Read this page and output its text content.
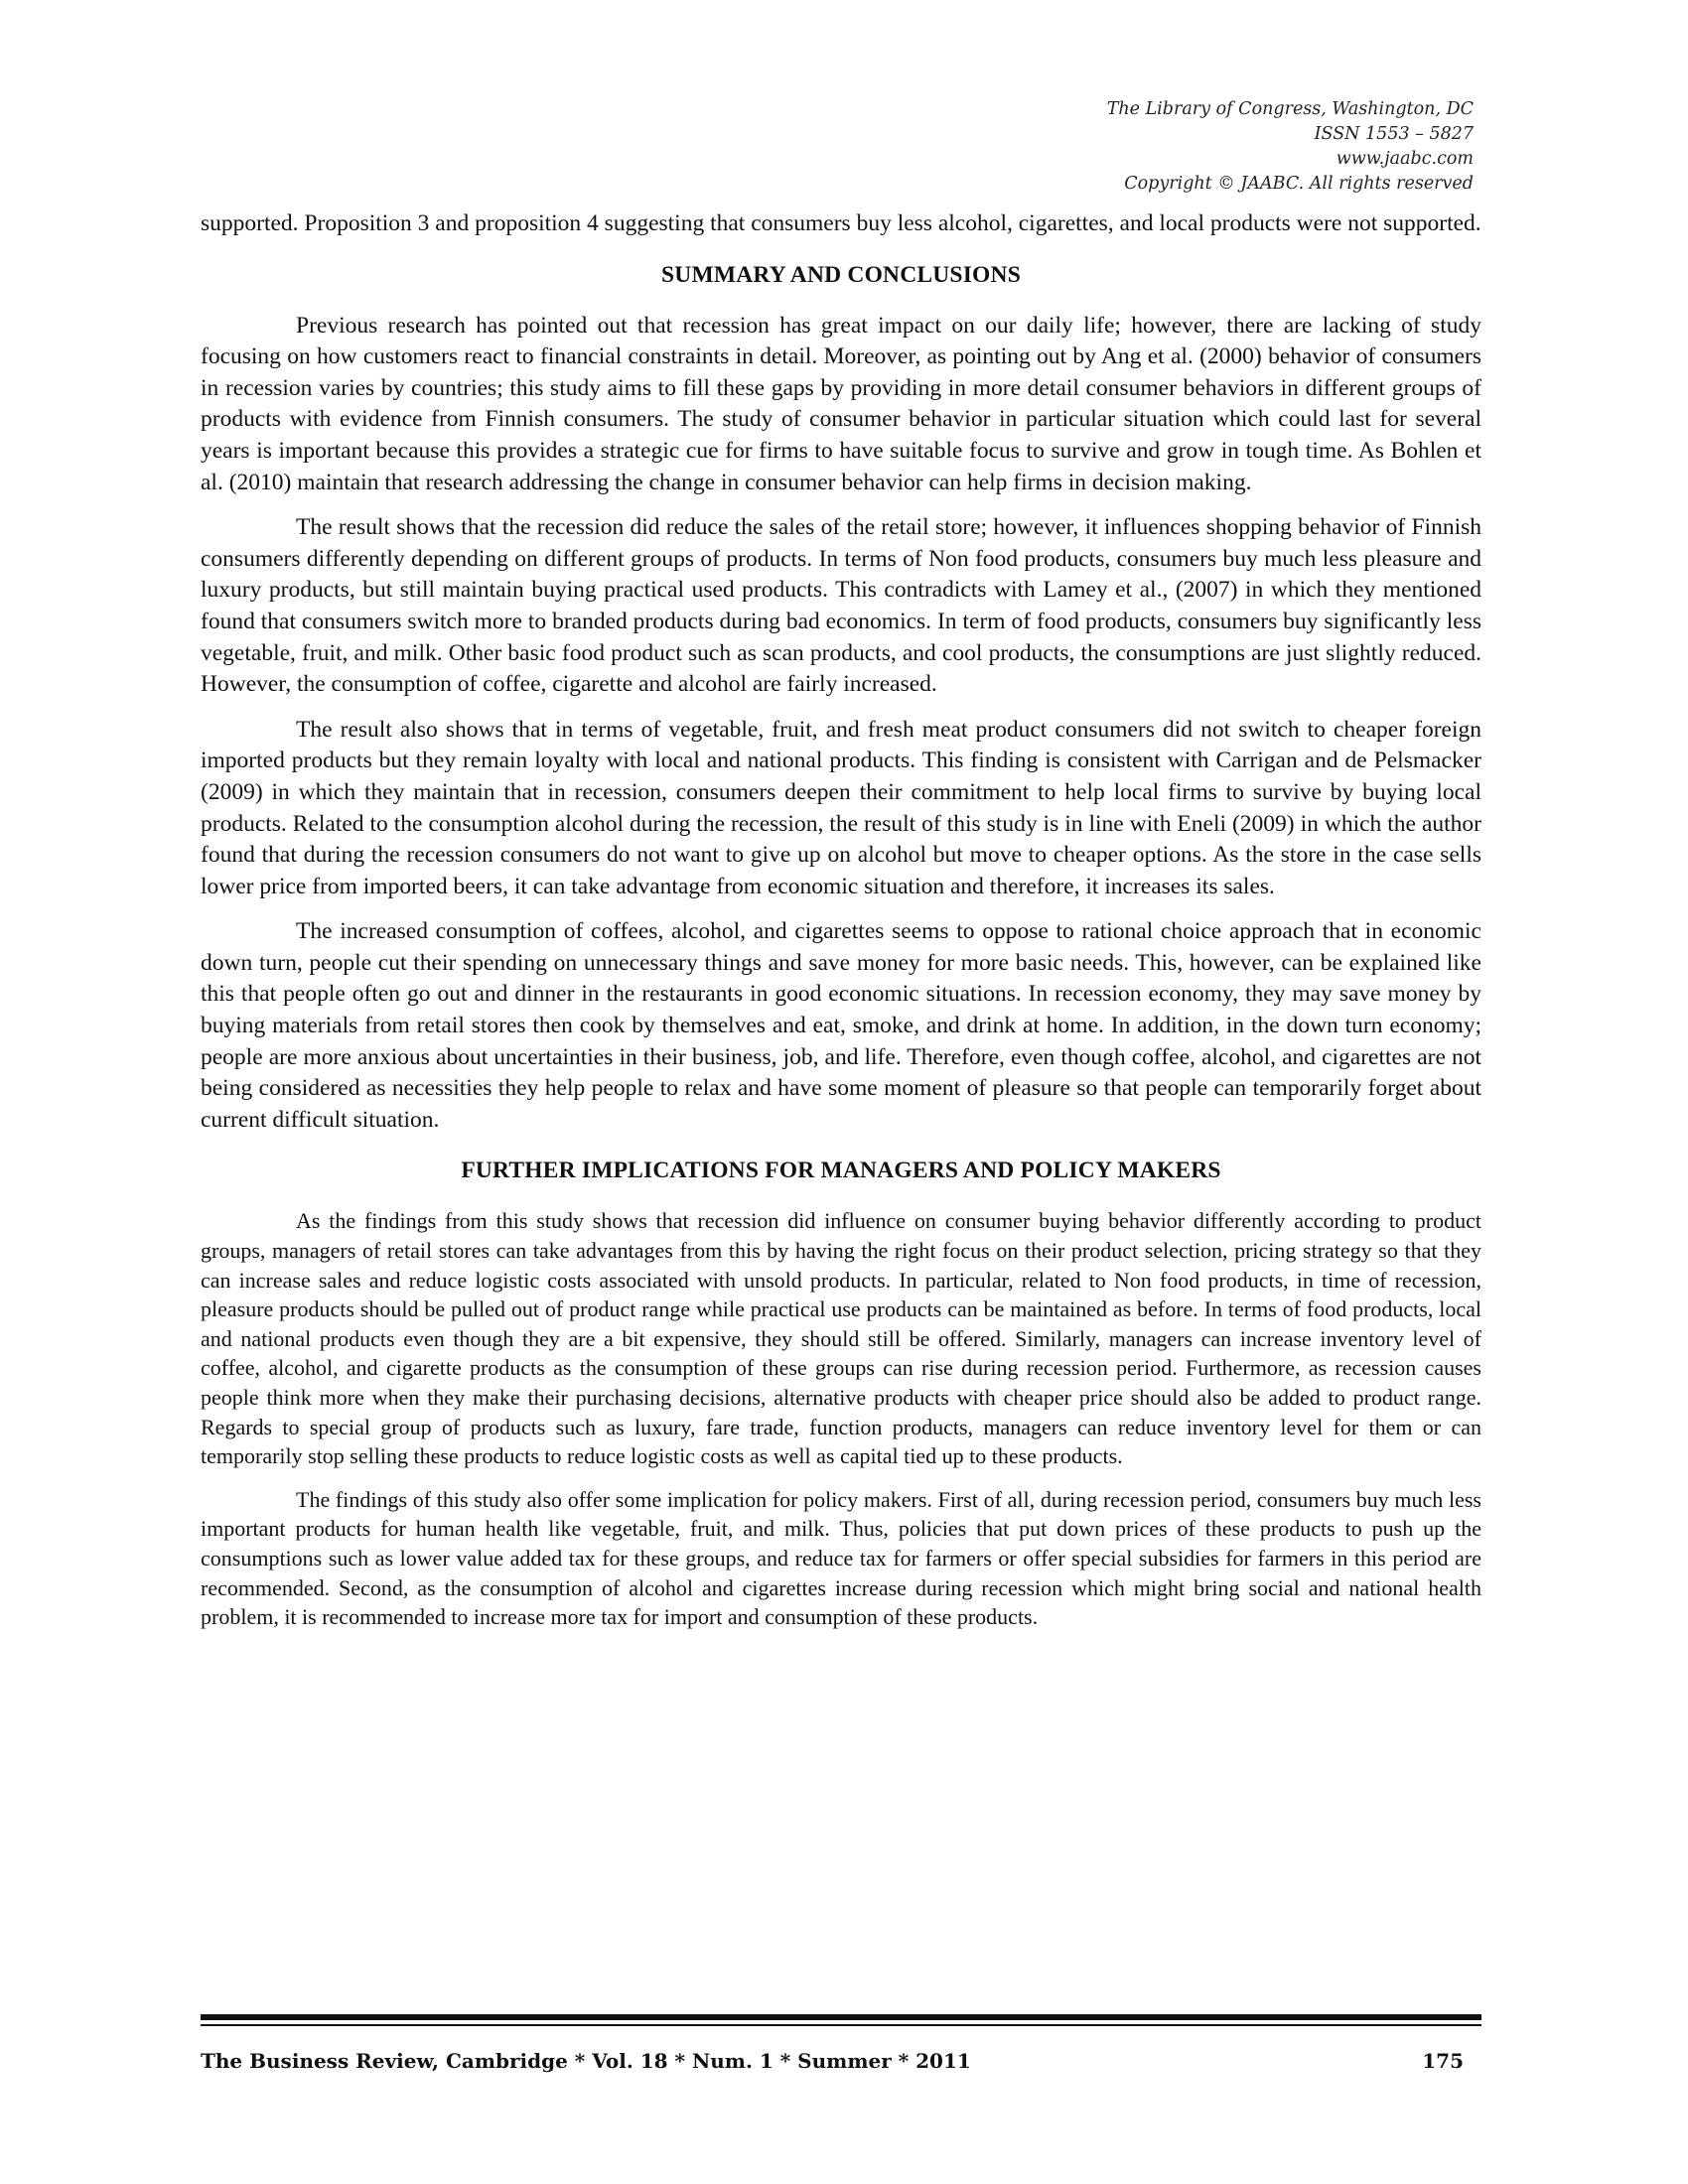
The Library of Congress, Washington, DC
ISSN 1553 – 5827
www.jaabc.com
Copyright © JAABC. All rights reserved

supported. Proposition 3 and proposition 4 suggesting that consumers buy less alcohol, cigarettes, and local products were not supported.

SUMMARY AND CONCLUSIONS

Previous research has pointed out that recession has great impact on our daily life; however, there are lacking of study focusing on how customers react to financial constraints in detail. Moreover, as pointing out by Ang et al. (2000) behavior of consumers in recession varies by countries; this study aims to fill these gaps by providing in more detail consumer behaviors in different groups of products with evidence from Finnish consumers. The study of consumer behavior in particular situation which could last for several years is important because this provides a strategic cue for firms to have suitable focus to survive and grow in tough time. As Bohlen et al. (2010) maintain that research addressing the change in consumer behavior can help firms in decision making.

The result shows that the recession did reduce the sales of the retail store; however, it influences shopping behavior of Finnish consumers differently depending on different groups of products. In terms of Non food products, consumers buy much less pleasure and luxury products, but still maintain buying practical used products. This contradicts with Lamey et al., (2007) in which they mentioned found that consumers switch more to branded products during bad economics. In term of food products, consumers buy significantly less vegetable, fruit, and milk. Other basic food product such as scan products, and cool products, the consumptions are just slightly reduced. However, the consumption of coffee, cigarette and alcohol are fairly increased.

The result also shows that in terms of vegetable, fruit, and fresh meat product consumers did not switch to cheaper foreign imported products but they remain loyalty with local and national products. This finding is consistent with Carrigan and de Pelsmacker (2009) in which they maintain that in recession, consumers deepen their commitment to help local firms to survive by buying local products. Related to the consumption alcohol during the recession, the result of this study is in line with Eneli (2009) in which the author found that during the recession consumers do not want to give up on alcohol but move to cheaper options. As the store in the case sells lower price from imported beers, it can take advantage from economic situation and therefore, it increases its sales.

The increased consumption of coffees, alcohol, and cigarettes seems to oppose to rational choice approach that in economic down turn, people cut their spending on unnecessary things and save money for more basic needs. This, however, can be explained like this that people often go out and dinner in the restaurants in good economic situations. In recession economy, they may save money by buying materials from retail stores then cook by themselves and eat, smoke, and drink at home. In addition, in the down turn economy; people are more anxious about uncertainties in their business, job, and life. Therefore, even though coffee, alcohol, and cigarettes are not being considered as necessities they help people to relax and have some moment of pleasure so that people can temporarily forget about current difficult situation.

FURTHER IMPLICATIONS FOR MANAGERS AND POLICY MAKERS

As the findings from this study shows that recession did influence on consumer buying behavior differently according to product groups, managers of retail stores can take advantages from this by having the right focus on their product selection, pricing strategy so that they can increase sales and reduce logistic costs associated with unsold products. In particular, related to Non food products, in time of recession, pleasure products should be pulled out of product range while practical use products can be maintained as before. In terms of food products, local and national products even though they are a bit expensive, they should still be offered. Similarly, managers can increase inventory level of coffee, alcohol, and cigarette products as the consumption of these groups can rise during recession period. Furthermore, as recession causes people think more when they make their purchasing decisions, alternative products with cheaper price should also be added to product range. Regards to special group of products such as luxury, fare trade, function products, managers can reduce inventory level for them or can temporarily stop selling these products to reduce logistic costs as well as capital tied up to these products.

The findings of this study also offer some implication for policy makers. First of all, during recession period, consumers buy much less important products for human health like vegetable, fruit, and milk. Thus, policies that put down prices of these products to push up the consumptions such as lower value added tax for these groups, and reduce tax for farmers or offer special subsidies for farmers in this period are recommended. Second, as the consumption of alcohol and cigarettes increase during recession which might bring social and national health problem, it is recommended to increase more tax for import and consumption of these products.

The Business Review, Cambridge * Vol. 18 * Num. 1 * Summer * 2011	175
